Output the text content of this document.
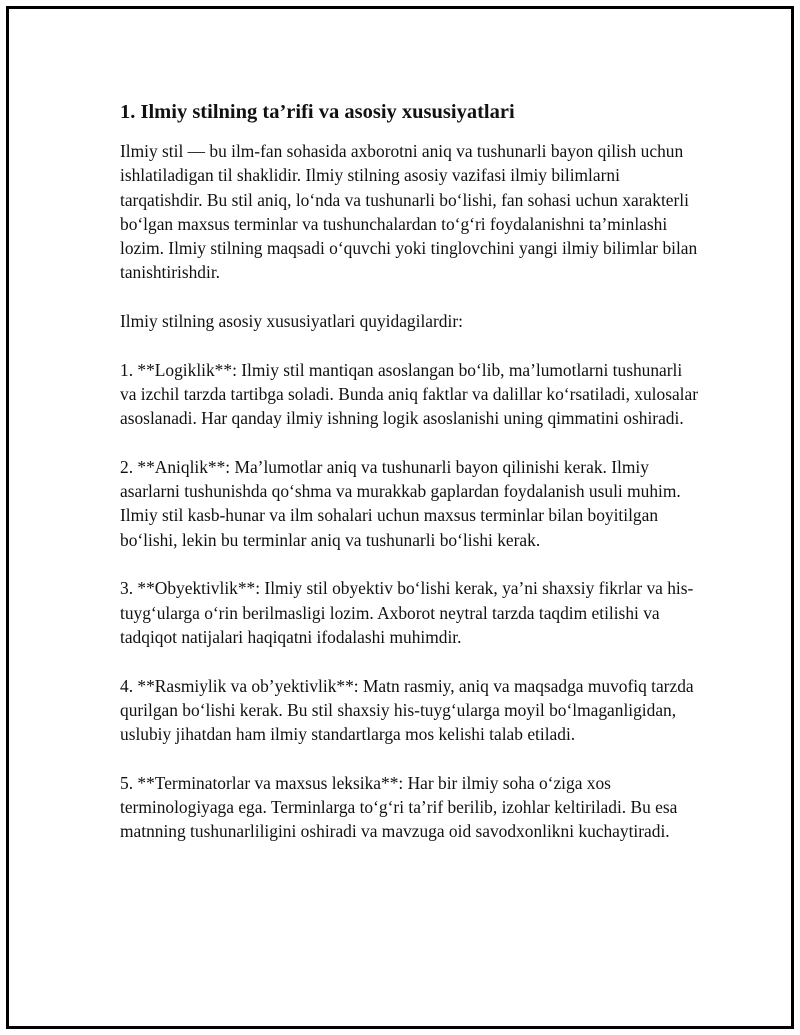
1. Ilmiy stilning ta’rifi va asosiy xususiyatlari

Ilmiy stil — bu ilm-fan sohasida axborotni aniq va tushunarli bayon qilish uchun ishlatiladigan til shaklidir. Ilmiy stilning asosiy vazifasi ilmiy bilimlarni tarqatishdir. Bu stil aniq, lo‘nda va tushunarli bo‘lishi, fan sohasi uchun xarakterli bo‘lgan maxsus terminlar va tushunchalardan to‘g‘ri foydalanishni ta’minlashi lozim. Ilmiy stilning maqsadi o‘quvchi yoki tinglovchini yangi ilmiy bilimlar bilan tanishtirishdir.

Ilmiy stilning asosiy xususiyatlari quyidagilardir:

1. **Logiklik**: Ilmiy stil mantiqan asoslangan bo‘lib, ma’lumotlarni tushunarli va izchil tarzda tartibga soladi. Bunda aniq faktlar va dalillar ko‘rsatiladi, xulosalar asoslanadi. Har qanday ilmiy ishning logik asoslanishi uning qimmatini oshiradi.

2. **Aniqlik**: Ma’lumotlar aniq va tushunarli bayon qilinishi kerak. Ilmiy asarlarni tushunishda qo‘shma va murakkab gaplardan foydalanish usuli muhim. Ilmiy stil kasb-hunar va ilm sohalari uchun maxsus terminlar bilan boyitilgan bo‘lishi, lekin bu terminlar aniq va tushunarli bo‘lishi kerak.

3. **Obyektivlik**: Ilmiy stil obyektiv bo‘lishi kerak, ya’ni shaxsiy fikrlar va his-tuyg‘ularga o‘rin berilmasligi lozim. Axborot neytral tarzda taqdim etilishi va tadqiqot natijalari haqiqatni ifodalashi muhimdir.

4. **Rasmiylik va ob’yektivlik**: Matn rasmiy, aniq va maqsadga muvofiq tarzda qurilgan bo‘lishi kerak. Bu stil shaxsiy his-tuyg‘ularga moyil bo‘lmaganligidan, uslubiy jihatdan ham ilmiy standartlarga mos kelishi talab etiladi.

5. **Terminatorlar va maxsus leksika**: Har bir ilmiy soha o‘ziga xos terminologiyaga ega. Terminlarga to‘g‘ri ta’rif berilib, izohlar keltiriladi. Bu esa matnning tushunarliligini oshiradi va mavzuga oid savodxonlikni kuchaytiradi.
